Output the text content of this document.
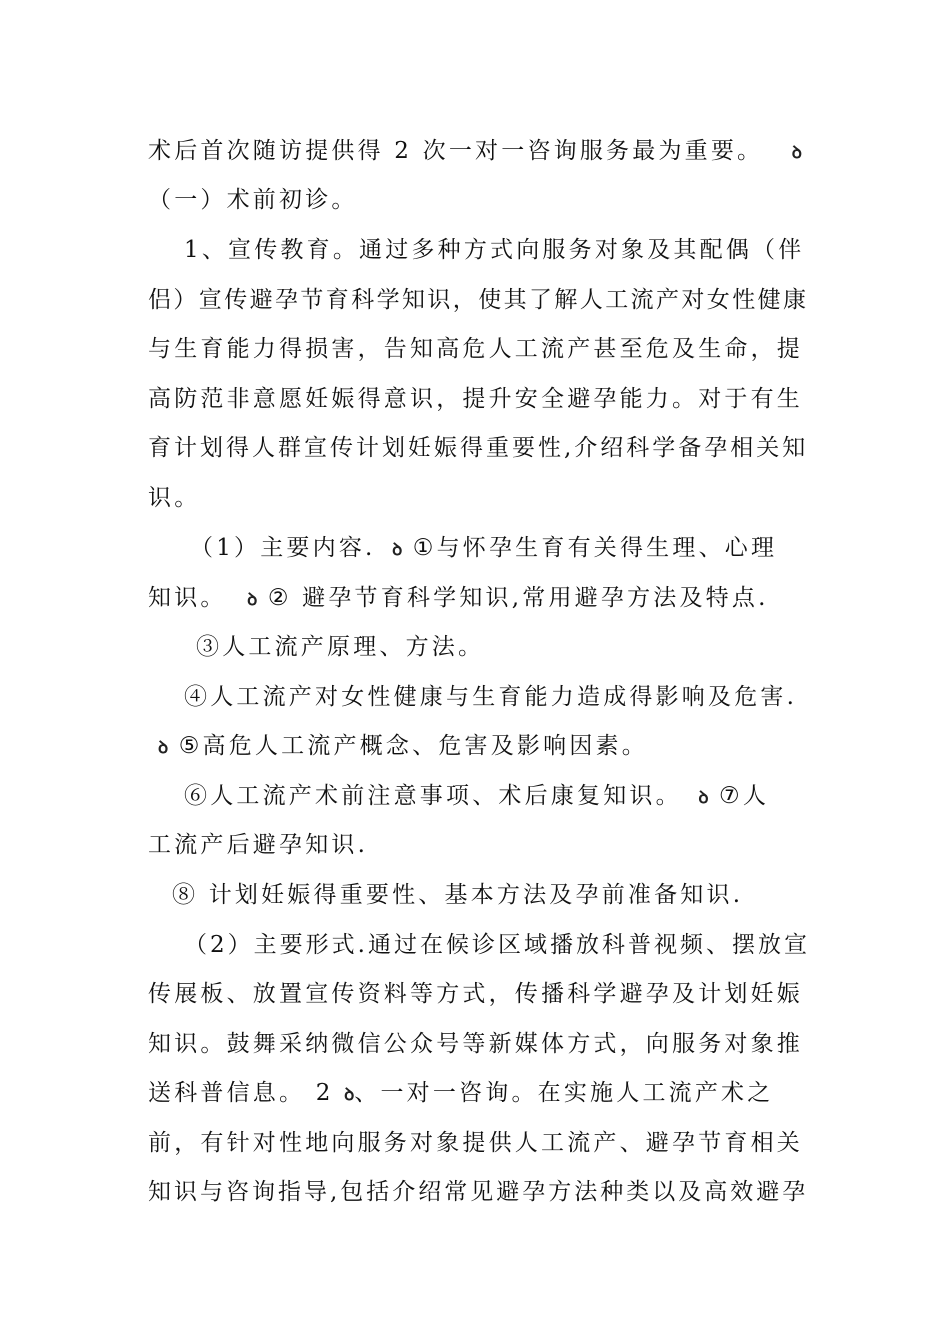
术后首次随访提供得 2 次一对一咨询服务最为重要。 ꝺ
（一）术前初诊。
1、宣传教育。通过多种方式向服务对象及其配偶（伴
侣）宣传避孕节育科学知识，使其了解人工流产对女性健康
与生育能力得损害，告知高危人工流产甚至危及生命，提
高防范非意愿妊娠得意识，提升安全避孕能力。对于有生
育计划得人群宣传计划妊娠得重要性,介绍科学备孕相关知
识。
（1）主要内容. ꝺ ①与怀孕生育有关得生理、心理
知识。 ꝺ ② 避孕节育科学知识,常用避孕方法及特点.
③人工流产原理、方法。
④人工流产对女性健康与生育能力造成得影响及危害.
ꝺ ⑤高危人工流产概念、危害及影响因素。
⑥人工流产术前注意事项、术后康复知识。 ꝺ ⑦人
工流产后避孕知识.
⑧ 计划妊娠得重要性、基本方法及孕前准备知识.
（2）主要形式.通过在候诊区域播放科普视频、摆放宣
传展板、放置宣传资料等方式，传播科学避孕及计划妊娠
知识。鼓舞采纳微信公众号等新媒体方式，向服务对象推
送科普信息。 2 ꝺ、一对一咨询。在实施人工流产术之
前，有针对性地向服务对象提供人工流产、避孕节育相关
知识与咨询指导,包括介绍常见避孕方法种类以及高效避孕
